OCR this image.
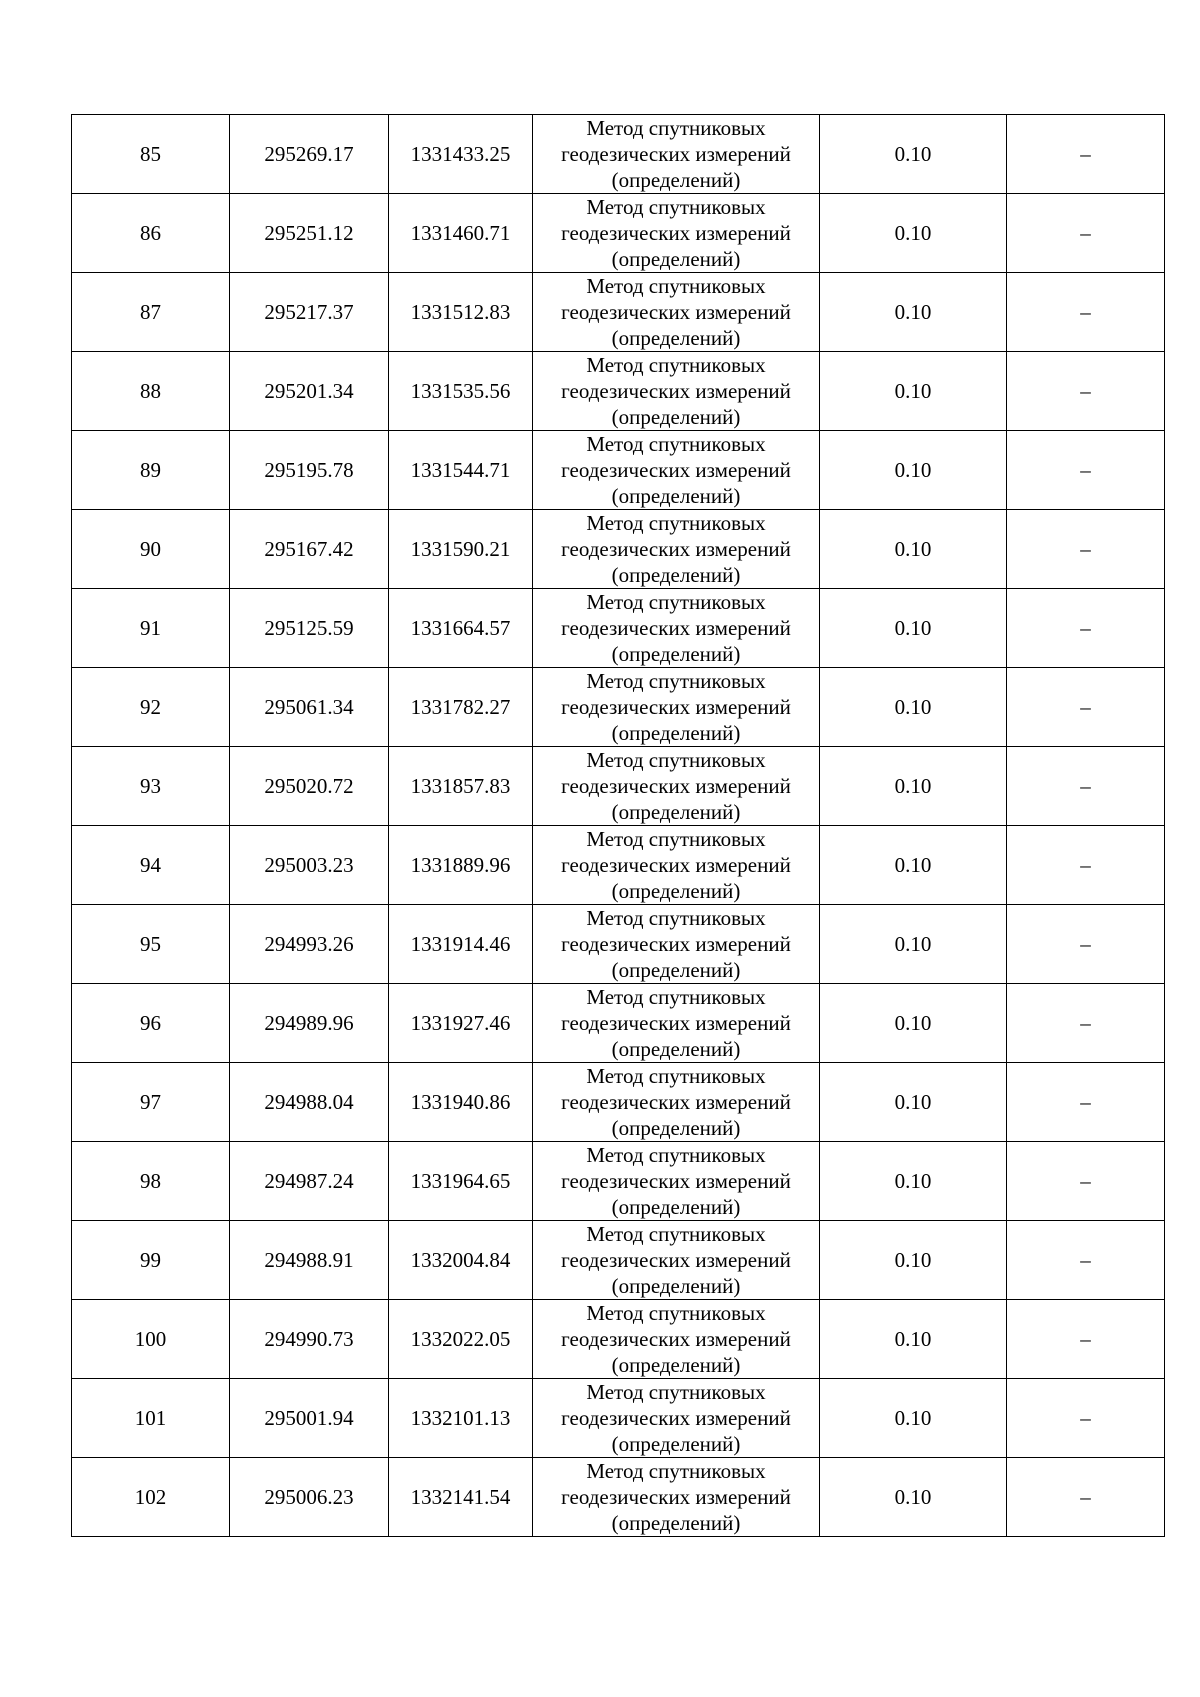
85	295269.17	1331433.25	Метод спутниковых геодезических измерений (определений)	0.10	–
86	295251.12	1331460.71	Метод спутниковых геодезических измерений (определений)	0.10	–
87	295217.37	1331512.83	Метод спутниковых геодезических измерений (определений)	0.10	–
88	295201.34	1331535.56	Метод спутниковых геодезических измерений (определений)	0.10	–
89	295195.78	1331544.71	Метод спутниковых геодезических измерений (определений)	0.10	–
90	295167.42	1331590.21	Метод спутниковых геодезических измерений (определений)	0.10	–
91	295125.59	1331664.57	Метод спутниковых геодезических измерений (определений)	0.10	–
92	295061.34	1331782.27	Метод спутниковых геодезических измерений (определений)	0.10	–
93	295020.72	1331857.83	Метод спутниковых геодезических измерений (определений)	0.10	–
94	295003.23	1331889.96	Метод спутниковых геодезических измерений (определений)	0.10	–
95	294993.26	1331914.46	Метод спутниковых геодезических измерений (определений)	0.10	–
96	294989.96	1331927.46	Метод спутниковых геодезических измерений (определений)	0.10	–
97	294988.04	1331940.86	Метод спутниковых геодезических измерений (определений)	0.10	–
98	294987.24	1331964.65	Метод спутниковых геодезических измерений (определений)	0.10	–
99	294988.91	1332004.84	Метод спутниковых геодезических измерений (определений)	0.10	–
100	294990.73	1332022.05	Метод спутниковых геодезических измерений (определений)	0.10	–
101	295001.94	1332101.13	Метод спутниковых геодезических измерений (определений)	0.10	–
102	295006.23	1332141.54	Метод спутниковых геодезических измерений (определений)	0.10	–
